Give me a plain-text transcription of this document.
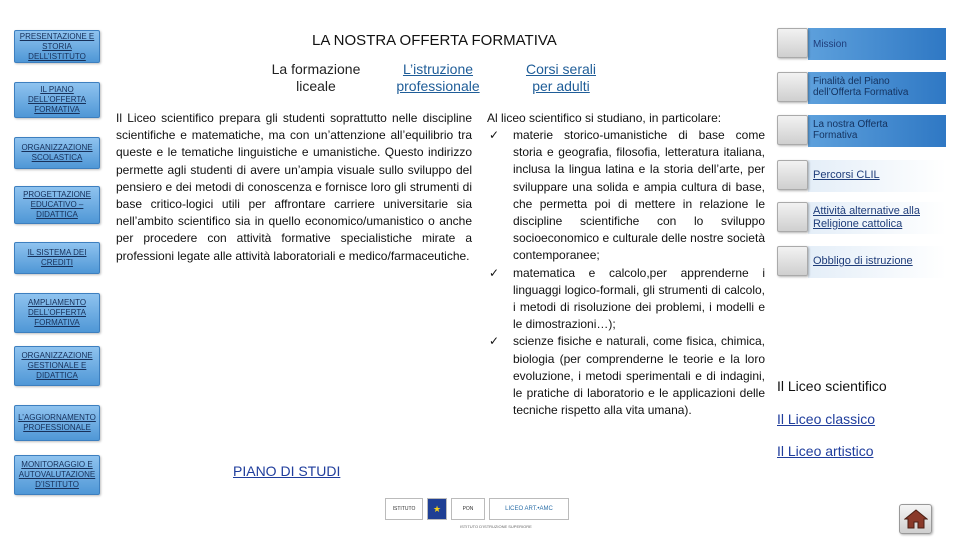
PRESENTAZIONE E STORIA DELL’ISTITUTO
IL PIANO DELL’OFFERTA FORMATIVA
ORGANIZZAZIONE SCOLASTICA
PROGETTAZIONE EDUCATIVO – DIDATTICA
IL SISTEMA DEI CREDITI
AMPLIAMENTO DELL’OFFERTA FORMATIVA
ORGANIZZAZIONE GESTIONALE E DIDATTICA
L’AGGIORNAMENTO PROFESSIONALE
MONITORAGGIO E AUTOVALUTAZIONE D’ISTITUTO
LA NOSTRA OFFERTA FORMATIVA
La formazione
liceale
L’istruzione
professionale
Corsi serali
per adulti

Il Liceo scientifico prepara gli studenti soprattutto nelle discipline scientifiche e matematiche, ma con un’attenzione all’equilibrio tra queste e le tematiche linguistiche e umanistiche. Questo indirizzo permette agli studenti di avere un’ampia visuale sullo sviluppo del pensiero e dei metodi di conoscenza e fornisce loro gli strumenti di base critico-logici utili per affrontare carriere universitarie sia nell’ambito scientifico sia in quello economico/umanistico o anche per procedere con attività formative specialistiche mirate a professioni legate alle attività laboratoriali e medico/farmaceutiche.

Al liceo scientifico si studiano, in particolare:
✓ materie storico-umanistiche di base come storia e geografia, filosofia, letteratura italiana, inclusa la lingua latina e la storia dell’arte, per sviluppare una solida e ampia cultura di base, che permetta poi di mettere in relazione le discipline scientifiche con lo sviluppo socioeconomico e culturale delle nostre società contemporanee;
✓ matematica e calcolo,per apprenderne i linguaggi logico-formali, gli strumenti di calcolo, i metodi di risoluzione dei problemi, i modelli e le dimostrazioni…);
✓ scienze fisiche e naturali, come fisica, chimica, biologia (per comprenderne le teorie e la loro evoluzione, i metodi sperimentali e di indagini, le pratiche di laboratorio e le applicazioni delle tecniche rispetto alla vita umana).
PIANO DI STUDI
ISTITUTO	★	PON	LICEO ART.•AMC
ISTITUTO D'ISTRUZIONE SUPERIORE
Mission
Finalità del Piano dell’Offerta Formativa
La nostra Offerta Formativa
Percorsi CLIL
Attività alternative alla Religione cattolica
Obbligo di istruzione
Il Liceo scientifico
Il Liceo classico
Il Liceo artistico
